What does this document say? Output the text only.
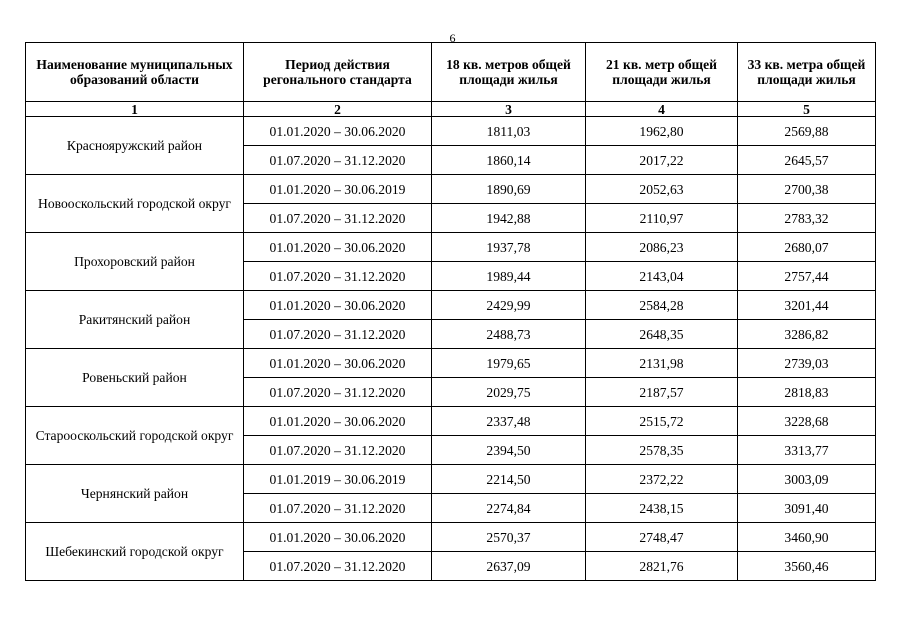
6
Наименование муниципальных образований области	Период действия регонального стандарта	18 кв. метров общей площади жилья	21 кв. метр общей площади жилья	33 кв. метра общей площади жилья
1	2	3	4	5
Краснояружский район	01.01.2020 – 30.06.2020	1811,03	1962,80	2569,88
	01.07.2020 – 31.12.2020	1860,14	2017,22	2645,57
Новооскольский городской округ	01.01.2020 – 30.06.2019	1890,69	2052,63	2700,38
	01.07.2020 – 31.12.2020	1942,88	2110,97	2783,32
Прохоровский район	01.01.2020 – 30.06.2020	1937,78	2086,23	2680,07
	01.07.2020 – 31.12.2020	1989,44	2143,04	2757,44
Ракитянский район	01.01.2020 – 30.06.2020	2429,99	2584,28	3201,44
	01.07.2020 – 31.12.2020	2488,73	2648,35	3286,82
Ровеньский район	01.01.2020 – 30.06.2020	1979,65	2131,98	2739,03
	01.07.2020 – 31.12.2020	2029,75	2187,57	2818,83
Старооскольский городской округ	01.01.2020 – 30.06.2020	2337,48	2515,72	3228,68
	01.07.2020 – 31.12.2020	2394,50	2578,35	3313,77
Чернянский район	01.01.2019 – 30.06.2019	2214,50	2372,22	3003,09
	01.07.2020 – 31.12.2020	2274,84	2438,15	3091,40
Шебекинский городской округ	01.01.2020 – 30.06.2020	2570,37	2748,47	3460,90
	01.07.2020 – 31.12.2020	2637,09	2821,76	3560,46
